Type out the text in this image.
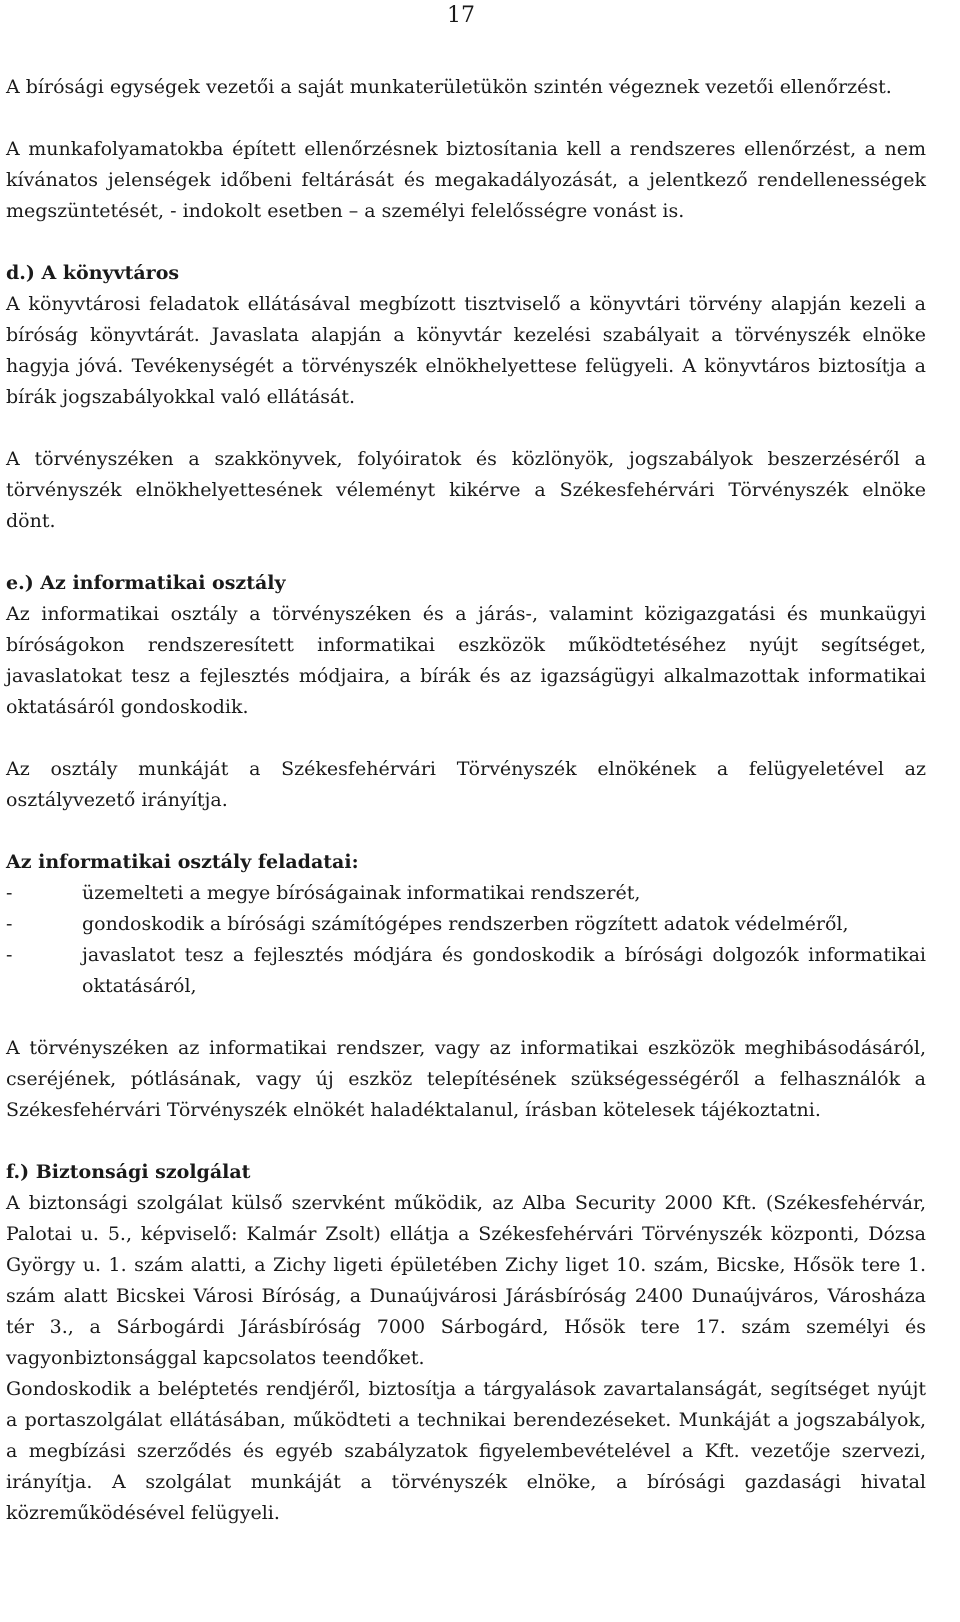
17

A bírósági egységek vezetői a saját munkaterületükön szintén végeznek vezetői ellenőrzést.

A munkafolyamatokba épített ellenőrzésnek biztosítania kell a rendszeres ellenőrzést, a nem kívánatos jelenségek időbeni feltárását és megakadályozását, a jelentkező rendellenességek megszüntetését, - indokolt esetben – a személyi felelősségre vonást is.

d.) A könyvtáros

A könyvtárosi feladatok ellátásával megbízott tisztviselő a könyvtári törvény alapján kezeli a bíróság könyvtárát. Javaslata alapján a könyvtár kezelési szabályait a törvényszék elnöke hagyja jóvá. Tevékenységét a törvényszék elnökhelyettese felügyeli. A könyvtáros biztosítja a bírák jogszabályokkal való ellátását.

A törvényszéken a szakkönyvek, folyóiratok és közlönyök, jogszabályok beszerzéséről a törvényszék elnökhelyettesének véleményt kikérve a Székesfehérvári Törvényszék elnöke dönt.

e.) Az informatikai osztály

Az informatikai osztály a törvényszéken és a járás-, valamint közigazgatási és munkaügyi bíróságokon rendszeresített informatikai eszközök működtetéséhez nyújt segítséget, javaslatokat tesz a fejlesztés módjaira, a bírák és az igazságügyi alkalmazottak informatikai oktatásáról gondoskodik.

Az osztály munkáját a Székesfehérvári Törvényszék elnökének a felügyeletével az osztályvezető irányítja.

Az informatikai osztály feladatai:
-	üzemelteti a megye bíróságainak informatikai rendszerét,
-	gondoskodik a bírósági számítógépes rendszerben rögzített adatok védelméről,
-	javaslatot tesz a fejlesztés módjára és gondoskodik a bírósági dolgozók informatikai oktatásáról,

A törvényszéken az informatikai rendszer, vagy az informatikai eszközök meghibásodásáról, cseréjének, pótlásának, vagy új eszköz telepítésének szükségességéről a felhasználók a Székesfehérvári Törvényszék elnökét haladéktalanul, írásban kötelesek tájékoztatni.

f.) Biztonsági szolgálat

A biztonsági szolgálat külső szervként működik, az Alba Security 2000 Kft. (Székesfehérvár, Palotai u. 5., képviselő: Kalmár Zsolt) ellátja a Székesfehérvári Törvényszék központi, Dózsa György u. 1. szám alatti, a Zichy ligeti épületében Zichy liget 10. szám, Bicske, Hősök tere 1. szám alatt Bicskei Városi Bíróság, a Dunaújvárosi Járásbíróság 2400 Dunaújváros, Városháza tér 3., a Sárbogárdi Járásbíróság 7000 Sárbogárd, Hősök tere 17. szám személyi és vagyonbiztonsággal kapcsolatos teendőket.

Gondoskodik a beléptetés rendjéről, biztosítja a tárgyalások zavartalanságát, segítséget nyújt a portaszolgálat ellátásában, működteti a technikai berendezéseket. Munkáját a jogszabályok, a megbízási szerződés és egyéb szabályzatok figyelembevételével a Kft. vezetője szervezi, irányítja. A szolgálat munkáját a törvényszék elnöke, a bírósági gazdasági hivatal közreműködésével felügyeli.
